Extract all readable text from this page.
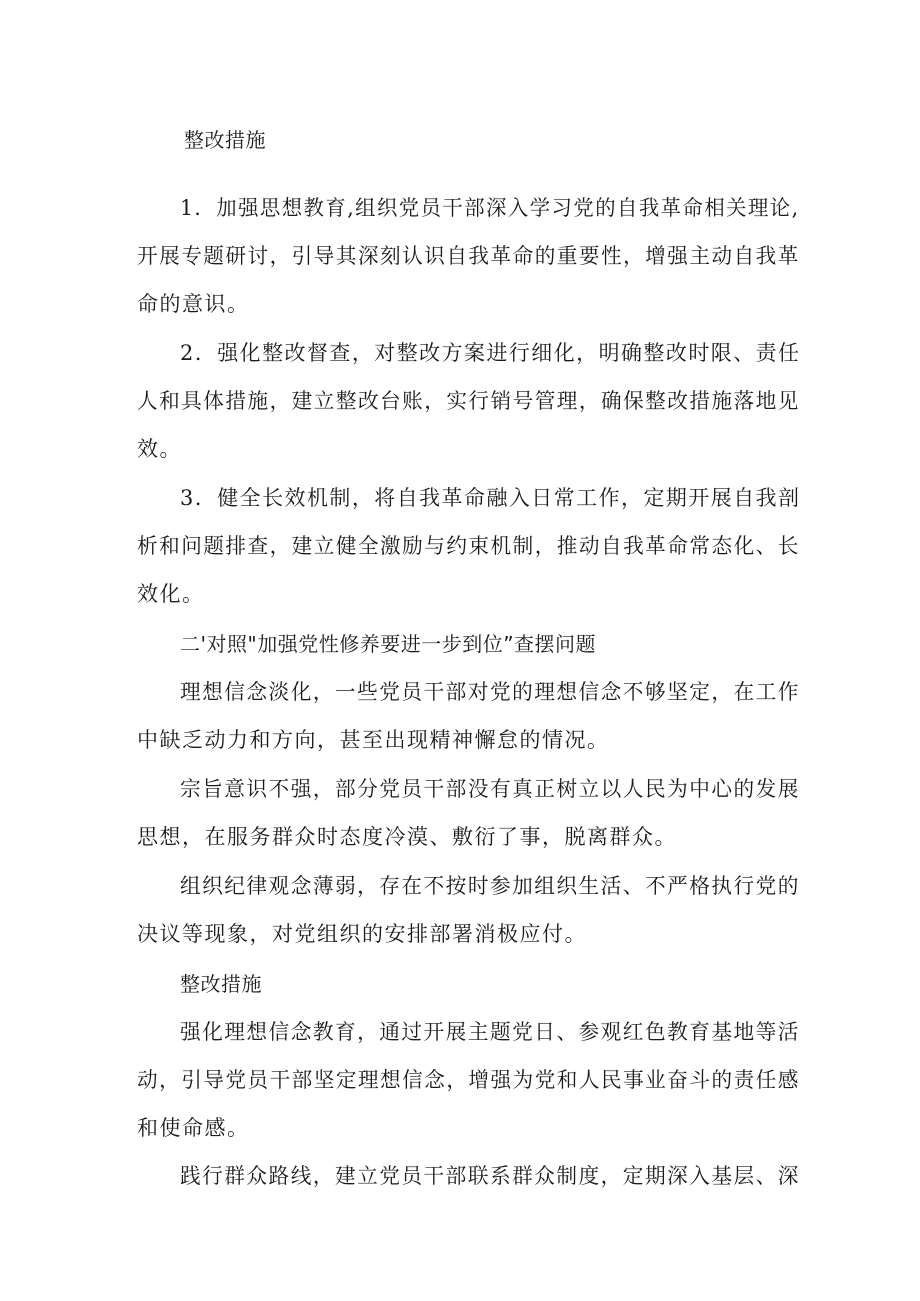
整改措施
1．加强思想教育,组织党员干部深入学习党的自我革命相关理论,
开展专题研讨，引导其深刻认识自我革命的重要性，增强主动自我革
命的意识。
2．强化整改督查，对整改方案进行细化，明确整改时限、责任
人和具体措施，建立整改台账，实行销号管理，确保整改措施落地见
效。
3．健全长效机制，将自我革命融入日常工作，定期开展自我剖
析和问题排查，建立健全激励与约束机制，推动自我革命常态化、长
效化。
二'对照"加强党性修养要进一步到位”查摆问题
理想信念淡化，一些党员干部对党的理想信念不够坚定，在工作
中缺乏动力和方向，甚至出现精神懈怠的情况。
宗旨意识不强，部分党员干部没有真正树立以人民为中心的发展
思想，在服务群众时态度冷漠、敷衍了事，脱离群众。
组织纪律观念薄弱，存在不按时参加组织生活、不严格执行党的
决议等现象，对党组织的安排部署消极应付。
整改措施
强化理想信念教育，通过开展主题党日、参观红色教育基地等活
动，引导党员干部坚定理想信念，增强为党和人民事业奋斗的责任感
和使命感。
践行群众路线，建立党员干部联系群众制度，定期深入基层、深
